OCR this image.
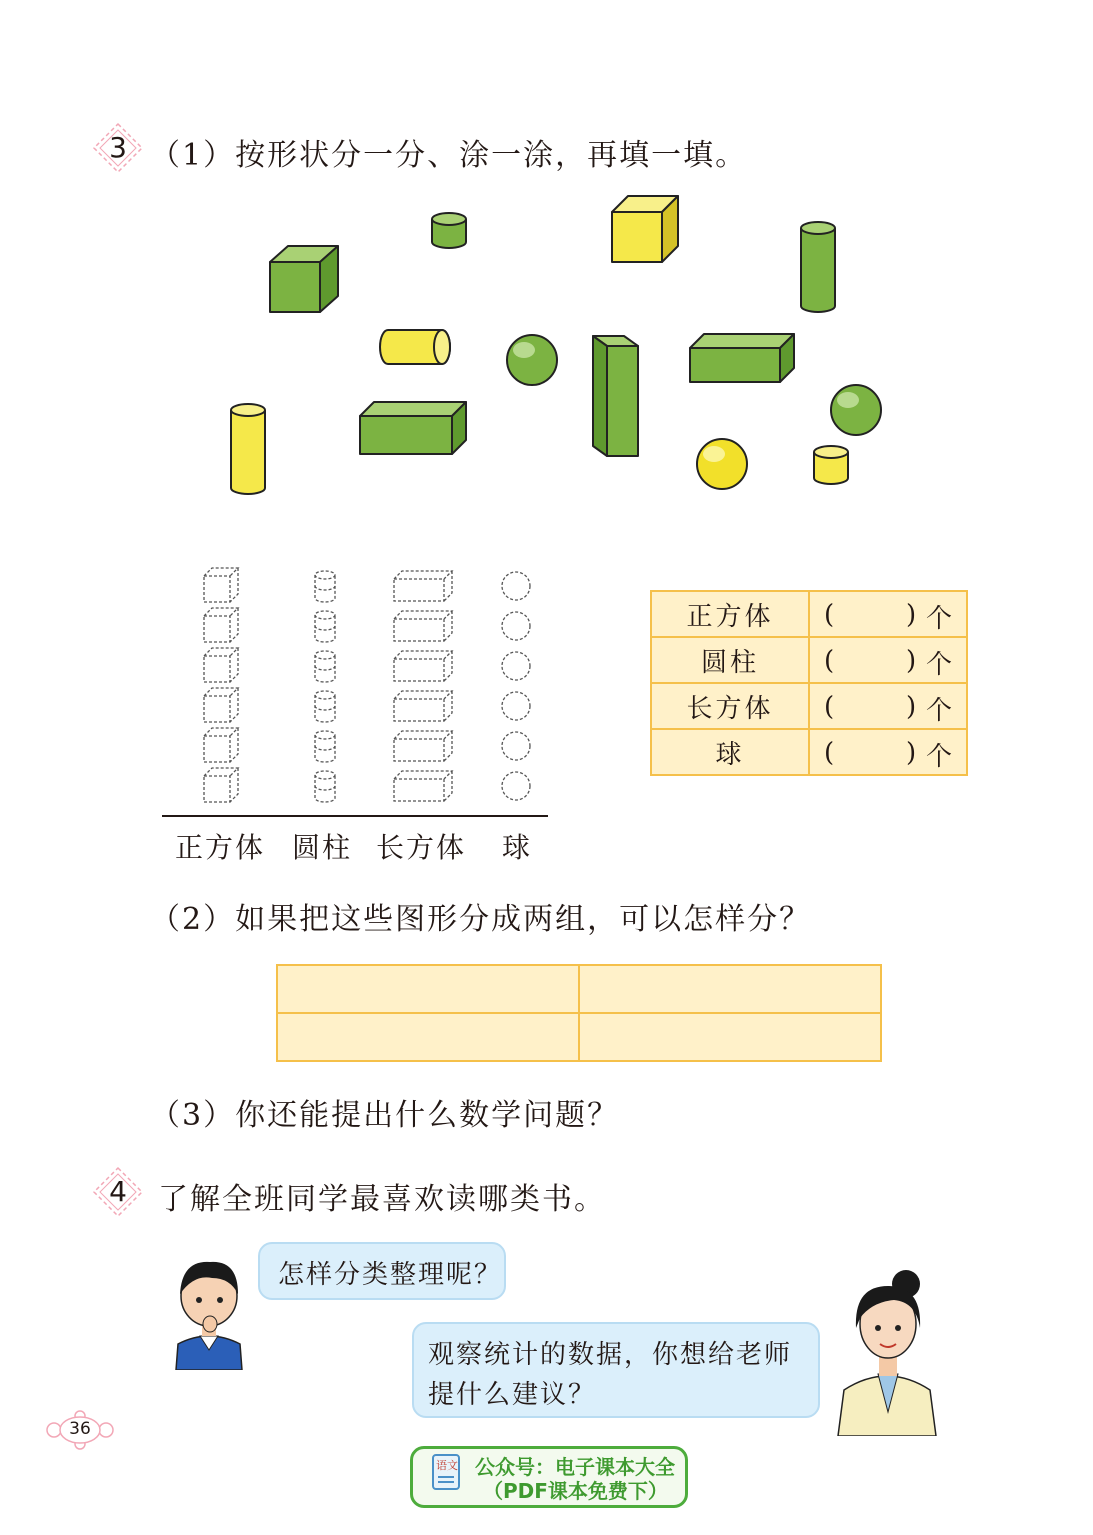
3 （1）按形状分一分、涂一涂，再填一填。
正方体 圆柱 长方体 球
正方体	( ) 个

圆柱	( ) 个

长方体	( ) 个

球	( ) 个
（2）如果把这些图形分成两组，可以怎样分？

（3）你还能提出什么数学问题？
4	了解全班同学最喜欢读哪类书。
怎样分类整理呢？
观察统计的数据，你想给老师
提什么建议？
36
语文 公众号：电子课本大全
（PDF课本免费下）
